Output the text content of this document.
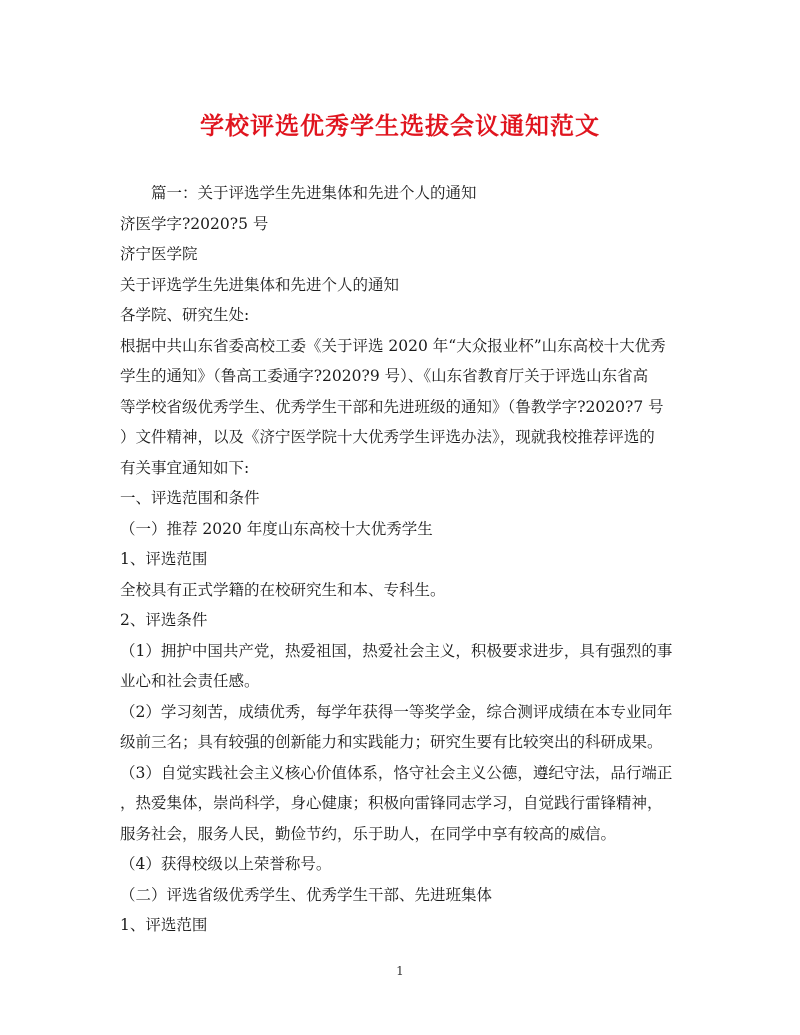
学校评选优秀学生选拔会议通知范文
篇一：关于评选学生先进集体和先进个人的通知
济医学字?2020?5 号
济宁医学院
关于评选学生先进集体和先进个人的通知
各学院、研究生处:
根据中共山东省委高校工委《关于评选 2020 年“大众报业杯”山东高校十大优秀
学生的通知》（鲁高工委通字?2020?9 号）、《山东省教育厅关于评选山东省高
等学校省级优秀学生、优秀学生干部和先进班级的通知》（鲁教学字?2020?7 号
）文件精神，以及《济宁医学院十大优秀学生评选办法》，现就我校推荐评选的
有关事宜通知如下:
一、评选范围和条件
（一）推荐 2020 年度山东高校十大优秀学生
1、评选范围
全校具有正式学籍的在校研究生和本、专科生。
2、评选条件
（1）拥护中国共产党，热爱祖国，热爱社会主义，积极要求进步，具有强烈的事
业心和社会责任感。
（2）学习刻苦，成绩优秀，每学年获得一等奖学金，综合测评成绩在本专业同年
级前三名；具有较强的创新能力和实践能力；研究生要有比较突出的科研成果。
（3）自觉实践社会主义核心价值体系，恪守社会主义公德，遵纪守法，品行端正
，热爱集体，崇尚科学，身心健康；积极向雷锋同志学习，自觉践行雷锋精神，
服务社会，服务人民，勤俭节约，乐于助人，在同学中享有较高的威信。
（4）获得校级以上荣誉称号。
（二）评选省级优秀学生、优秀学生干部、先进班集体
1、评选范围
1
